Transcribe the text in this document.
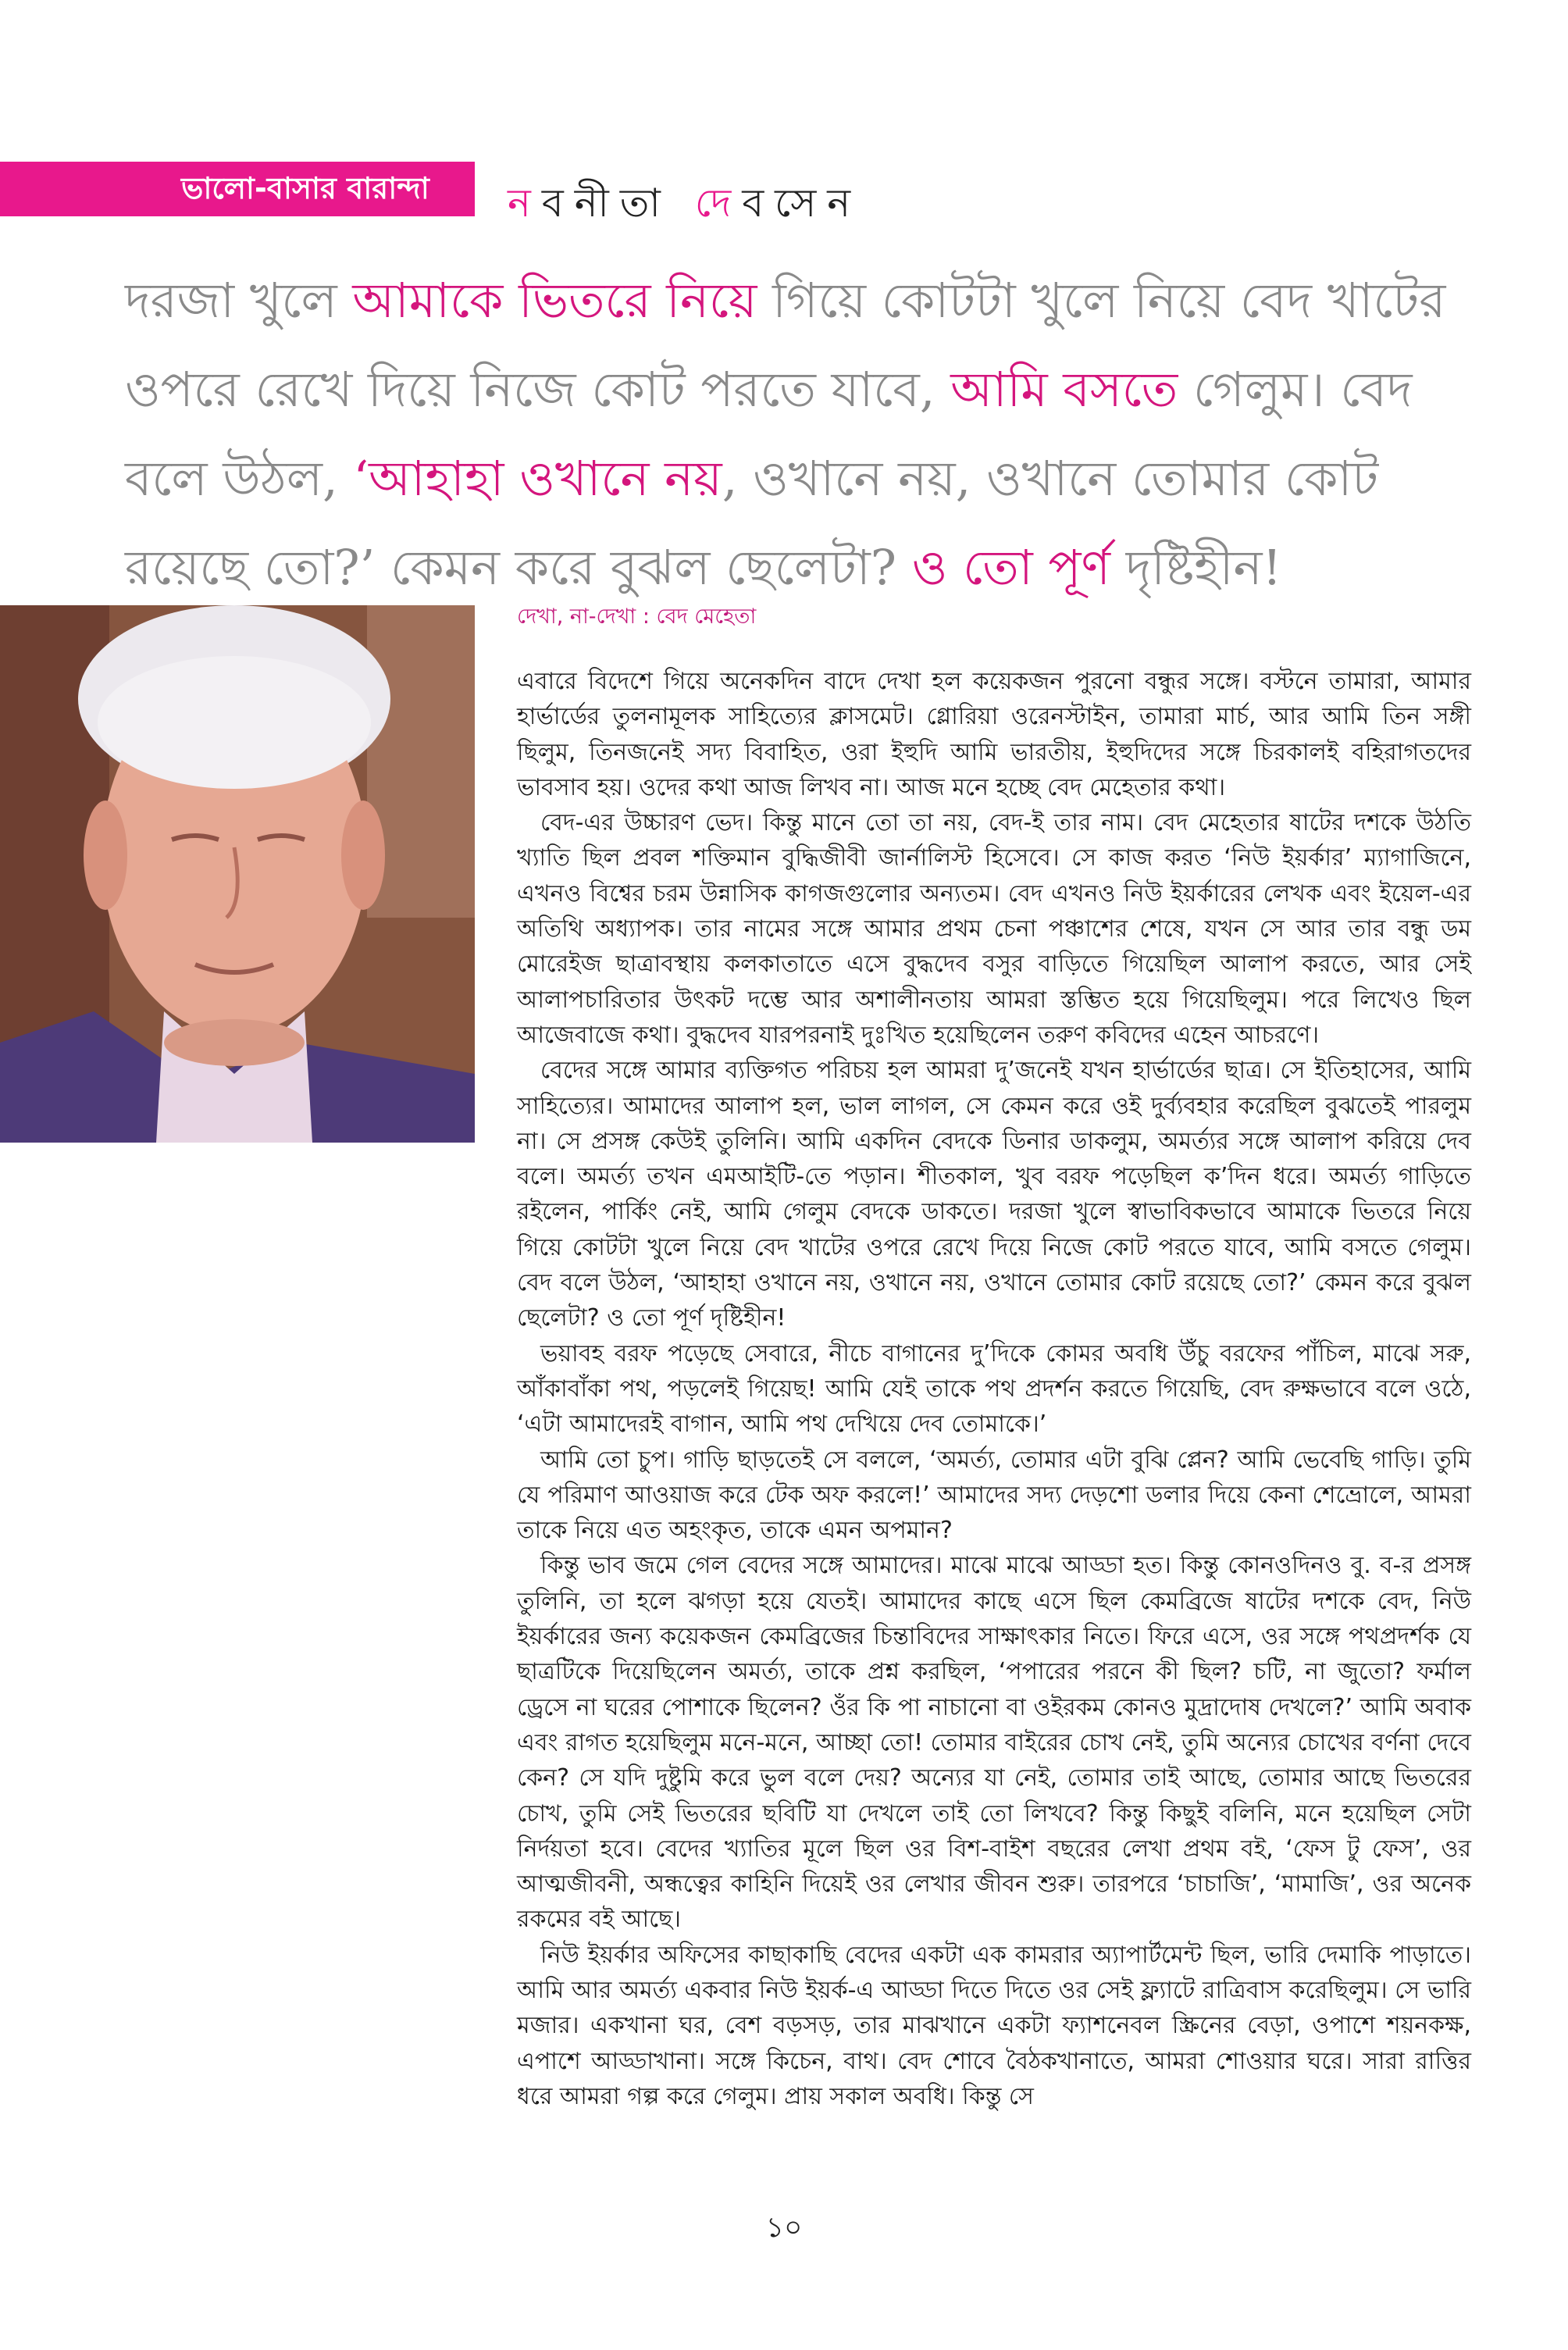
ভালো-বাসার বারান্দা নবনীতা দেবসেন

দরজা খুলে আমাকে ভিতরে নিয়ে গিয়ে কোটটা খুলে নিয়ে বেদ খাটের ওপরে রেখে দিয়ে নিজে কোট পরতে যাবে, আমি বসতে গেলুম। বেদ বলে উঠল, ‘আহাহা ওখানে নয়, ওখানে নয়, ওখানে তোমার কোট রয়েছে তো?’ কেমন করে বুঝল ছেলেটা? ও তো পূর্ণ দৃষ্টিহীন!

দেখা, না-দেখা : বেদ মেহেতা

এবারে বিদেশে গিয়ে অনেকদিন বাদে দেখা হল কয়েকজন পুরনো বন্ধুর সঙ্গে। বস্টনে তামারা, আমার হার্ভার্ডের তুলনামূলক সাহিত্যের ক্লাসমেট। গ্লোরিয়া ওরেনস্টাইন, তামারা মার্চ, আর আমি তিন সঙ্গী ছিলুম, তিনজনেই সদ্য বিবাহিত, ওরা ইহুদি আমি ভারতীয়, ইহুদিদের সঙ্গে চিরকালই বহিরাগতদের ভাবসাব হয়। ওদের কথা আজ লিখব না। আজ মনে হচ্ছে বেদ মেহেতার কথা।

বেদ-এর উচ্চারণ ভেদ। কিন্তু মানে তো তা নয়, বেদ-ই তার নাম। বেদ মেহেতার ষাটের দশকে উঠতি খ্যাতি ছিল প্রবল শক্তিমান বুদ্ধিজীবী জার্নালিস্ট হিসেবে। সে কাজ করত ‘নিউ ইয়র্কার’ ম্যাগাজিনে, এখনও বিশ্বের চরম উন্নাসিক কাগজগুলোর অন্যতম। বেদ এখনও নিউ ইয়র্কারের লেখক এবং ইয়েল-এর অতিথি অধ্যাপক। তার নামের সঙ্গে আমার প্রথম চেনা পঞ্চাশের শেষে, যখন সে আর তার বন্ধু ডম মোরেইজ ছাত্রাবস্থায় কলকাতাতে এসে বুদ্ধদেব বসুর বাড়িতে গিয়েছিল আলাপ করতে, আর সেই আলাপচারিতার উৎকট দম্ভে আর অশালীনতায় আমরা স্তম্ভিত হয়ে গিয়েছিলুম। পরে লিখেও ছিল আজেবাজে কথা। বুদ্ধদেব যারপরনাই দুঃখিত হয়েছিলেন তরুণ কবিদের এহেন আচরণে।

বেদের সঙ্গে আমার ব্যক্তিগত পরিচয় হল আমরা দু’জনেই যখন হার্ভার্ডের ছাত্র। সে ইতিহাসের, আমি সাহিত্যের। আমাদের আলাপ হল, ভাল লাগল, সে কেমন করে ওই দুর্ব্যবহার করেছিল বুঝতেই পারলুম না। সে প্রসঙ্গ কেউই তুলিনি। আমি একদিন বেদকে ডিনার ডাকলুম, অমর্ত্যর সঙ্গে আলাপ করিয়ে দেব বলে। অমর্ত্য তখন এমআইটি-তে পড়ান। শীতকাল, খুব বরফ পড়েছিল ক’দিন ধরে। অমর্ত্য গাড়িতে রইলেন, পার্কিং নেই, আমি গেলুম বেদকে ডাকতে। দরজা খুলে স্বাভাবিকভাবে আমাকে ভিতরে নিয়ে গিয়ে কোটটা খুলে নিয়ে বেদ খাটের ওপরে রেখে দিয়ে নিজে কোট পরতে যাবে, আমি বসতে গেলুম। বেদ বলে উঠল, ‘আহাহা ওখানে নয়, ওখানে নয়, ওখানে তোমার কোট রয়েছে তো?’ কেমন করে বুঝল ছেলেটা? ও তো পূর্ণ দৃষ্টিহীন!

ভয়াবহ বরফ পড়েছে সেবারে, নীচে বাগানের দু’দিকে কোমর অবধি উঁচু বরফের পাঁচিল, মাঝে সরু, আঁকাবাঁকা পথ, পড়লেই গিয়েছ! আমি যেই তাকে পথ প্রদর্শন করতে গিয়েছি, বেদ রুক্ষভাবে বলে ওঠে, ‘এটা আমাদেরই বাগান, আমি পথ দেখিয়ে দেব তোমাকে।’

আমি তো চুপ। গাড়ি ছাড়তেই সে বললে, ‘অমর্ত্য, তোমার এটা বুঝি প্লেন? আমি ভেবেছি গাড়ি। তুমি যে পরিমাণ আওয়াজ করে টেক অফ করলে!’ আমাদের সদ্য দেড়শো ডলার দিয়ে কেনা শেভ্রোলে, আমরা তাকে নিয়ে এত অহংকৃত, তাকে এমন অপমান?

কিন্তু ভাব জমে গেল বেদের সঙ্গে আমাদের। মাঝে মাঝে আড্ডা হত। কিন্তু কোনওদিনও বু. ব-র প্রসঙ্গ তুলিনি, তা হলে ঝগড়া হয়ে যেতই। আমাদের কাছে এসে ছিল কেমব্রিজে ষাটের দশকে বেদ, নিউ ইয়র্কারের জন্য কয়েকজন কেমব্রিজের চিন্তাবিদের সাক্ষাৎকার নিতে। ফিরে এসে, ওর সঙ্গে পথপ্রদর্শক যে ছাত্রটিকে দিয়েছিলেন অমর্ত্য, তাকে প্রশ্ন করছিল, ‘পপারের পরনে কী ছিল? চটি, না জুতো? ফর্মাল ড্রেসে না ঘরের পোশাকে ছিলেন? ওঁর কি পা নাচানো বা ওইরকম কোনও মুদ্রাদোষ দেখলে?’ আমি অবাক এবং রাগত হয়েছিলুম মনে-মনে, আচ্ছা তো! তোমার বাইরের চোখ নেই, তুমি অন্যের চোখের বর্ণনা দেবে কেন? সে যদি দুষ্টুমি করে ভুল বলে দেয়? অন্যের যা নেই, তোমার তাই আছে, তোমার আছে ভিতরের চোখ, তুমি সেই ভিতরের ছবিটি যা দেখলে তাই তো লিখবে? কিন্তু কিছুই বলিনি, মনে হয়েছিল সেটা নির্দয়তা হবে। বেদের খ্যাতির মূলে ছিল ওর বিশ-বাইশ বছরের লেখা প্রথম বই, ‘ফেস টু ফেস’, ওর আত্মজীবনী, অন্ধত্বের কাহিনি দিয়েই ওর লেখার জীবন শুরু। তারপরে ‘চাচাজি’, ‘মামাজি’, ওর অনেক রকমের বই আছে।

নিউ ইয়র্কার অফিসের কাছাকাছি বেদের একটা এক কামরার অ্যাপার্টমেন্ট ছিল, ভারি দেমাকি পাড়াতে। আমি আর অমর্ত্য একবার নিউ ইয়র্ক-এ আড্ডা দিতে দিতে ওর সেই ফ্ল্যাটে রাত্রিবাস করেছিলুম। সে ভারি মজার। একখানা ঘর, বেশ বড়সড়, তার মাঝখানে একটা ফ্যাশনেবল স্ক্রিনের বেড়া, ওপাশে শয়নকক্ষ, এপাশে আড্ডাখানা। সঙ্গে কিচেন, বাথ। বেদ শোবে বৈঠকখানাতে, আমরা শোওয়ার ঘরে। সারা রাত্তির ধরে আমরা গল্প করে গেলুম। প্রায় সকাল অবধি। কিন্তু সে

১০
